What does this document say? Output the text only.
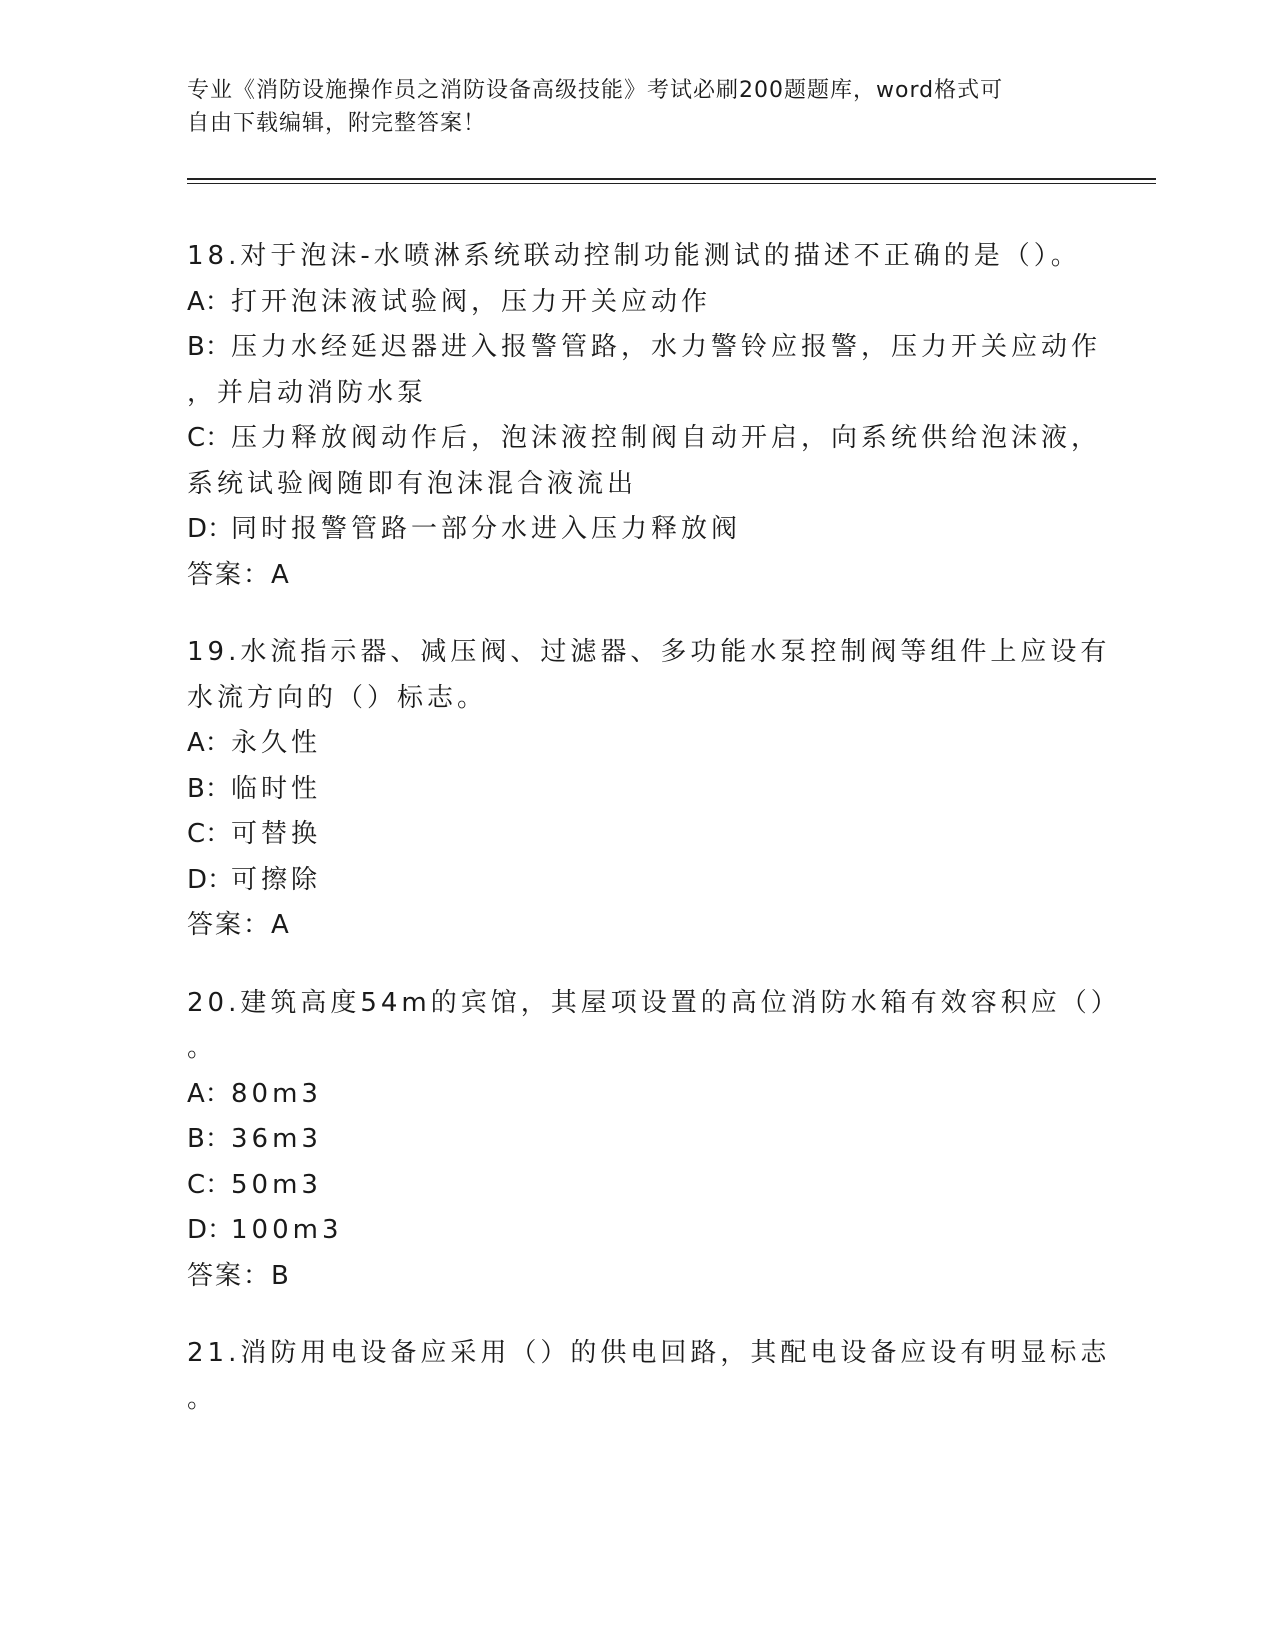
专业《消防设施操作员之消防设备高级技能》考试必刷200题题库，word格式可
自由下载编辑，附完整答案！
18.对于泡沫-水喷淋系统联动控制功能测试的描述不正确的是（）。
A：打开泡沫液试验阀，压力开关应动作
B：压力水经延迟器进入报警管路，水力警铃应报警，压力开关应动作
，并启动消防水泵
C：压力释放阀动作后，泡沫液控制阀自动开启，向系统供给泡沫液，
系统试验阀随即有泡沫混合液流出
D：同时报警管路一部分水进入压力释放阀
答案：A
19.水流指示器、减压阀、过滤器、多功能水泵控制阀等组件上应设有
水流方向的（）标志。
A：永久性
B：临时性
C：可替换
D：可擦除
答案：A
20.建筑高度54m的宾馆，其屋项设置的高位消防水箱有效容积应（）
。
A：80m3
B：36m3
C：50m3
D：100m3
答案：B
21.消防用电设备应采用（）的供电回路，其配电设备应设有明显标志
。
